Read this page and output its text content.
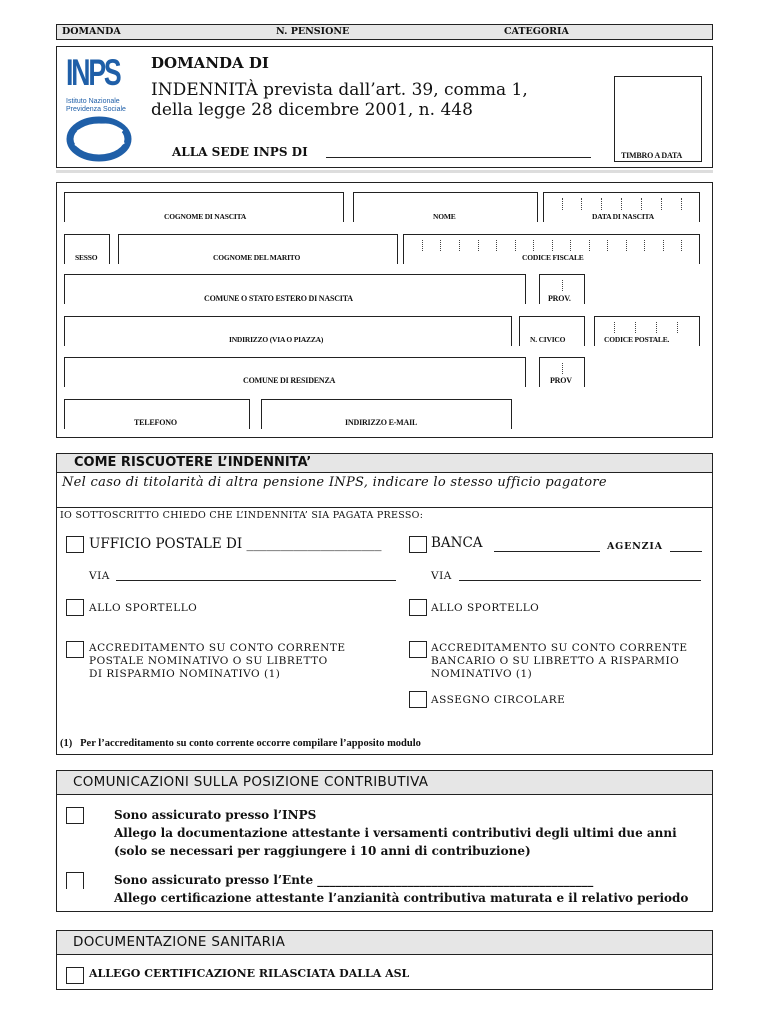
DOMANDA	N. PENSIONE	CATEGORIA
INPS
Istituto Nazionale
Previdenza Sociale
DOMANDA DI
INDENNITÀ prevista dall’art. 39, comma 1,
della legge 28 dicembre 2001, n. 448
ALLA SEDE INPS DI	TIMBRO A DATA
COGNOME DI NASCITA	NOME	DATA DI NASCITA
SESSO	COGNOME DEL MARITO	CODICE FISCALE
COMUNE O STATO ESTERO DI NASCITA	PROV.
INDIRIZZO (VIA O PIAZZA)	N. CIVICO	CODICE POSTALE.
COMUNE DI RESIDENZA	PROV
TELEFONO	INDIRIZZO E-MAIL
COME RISCUOTERE L’INDENNITA’
Nel caso di titolarità di altra pensione INPS, indicare lo stesso ufficio pagatore
IO SOTTOSCRITTO CHIEDO CHE L’INDENNITA’ SIA PAGATA PRESSO:
UFFICIO POSTALE DI ____________________	BANCA	AGENZIA
VIA	VIA
ALLO SPORTELLO	ALLO SPORTELLO
ACCREDITAMENTO SU CONTO CORRENTE
POSTALE NOMINATIVO O SU LIBRETTO
DI RISPARMIO NOMINATIVO (1)
ACCREDITAMENTO SU CONTO CORRENTE
BANCARIO O SU LIBRETTO A RISPARMIO
NOMINATIVO (1)
ASSEGNO CIRCOLARE
(1)   Per l’accreditamento su conto corrente occorre compilare l’apposito modulo
COMUNICAZIONI SULLA POSIZIONE CONTRIBUTIVA
Sono assicurato presso l’INPS
Allego la documentazione attestante i versamenti contributivi degli ultimi due anni
(solo se necessari per raggiungere i 10 anni di contribuzione)
Sono assicurato presso l’Ente ______________________________________________
Allego certificazione attestante l’anzianità contributiva maturata e il relativo periodo
DOCUMENTAZIONE SANITARIA
ALLEGO CERTIFICAZIONE RILASCIATA DALLA ASL
